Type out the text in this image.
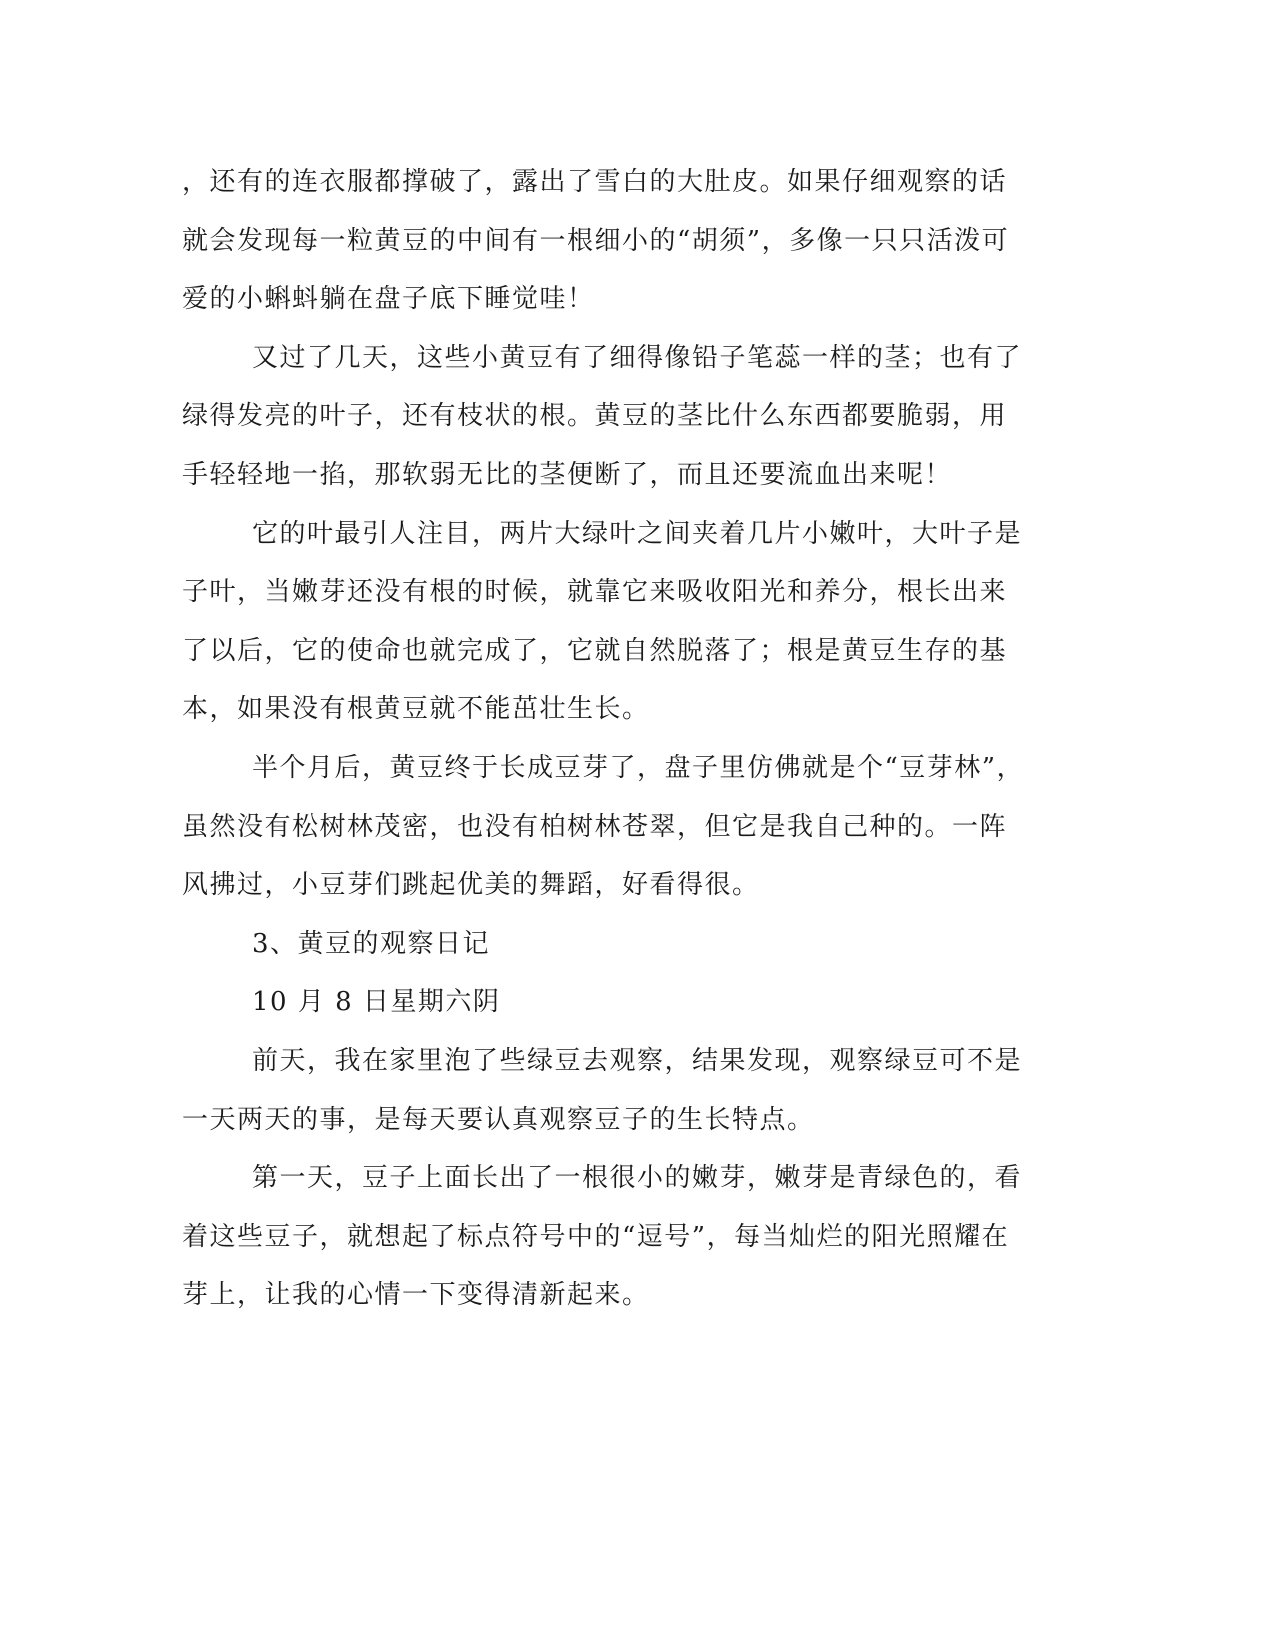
，还有的连衣服都撑破了，露出了雪白的大肚皮。如果仔细观察的话就会发现每一粒黄豆的中间有一根细小的“胡须”，多像一只只活泼可爱的小蝌蚪躺在盘子底下睡觉哇！

又过了几天，这些小黄豆有了细得像铅子笔蕊一样的茎；也有了绿得发亮的叶子，还有枝状的根。黄豆的茎比什么东西都要脆弱，用手轻轻地一掐，那软弱无比的茎便断了，而且还要流血出来呢！

它的叶最引人注目，两片大绿叶之间夹着几片小嫩叶，大叶子是子叶，当嫩芽还没有根的时候，就靠它来吸收阳光和养分，根长出来了以后，它的使命也就完成了，它就自然脱落了；根是黄豆生存的基本，如果没有根黄豆就不能茁壮生长。

半个月后，黄豆终于长成豆芽了，盘子里仿佛就是个“豆芽林”，虽然没有松树林茂密，也没有柏树林苍翠，但它是我自己种的。一阵风拂过，小豆芽们跳起优美的舞蹈，好看得很。

3、黄豆的观察日记

10 月 8 日星期六阴

前天，我在家里泡了些绿豆去观察，结果发现，观察绿豆可不是一天两天的事，是每天要认真观察豆子的生长特点。

第一天，豆子上面长出了一根很小的嫩芽，嫩芽是青绿色的，看着这些豆子，就想起了标点符号中的“逗号”，每当灿烂的阳光照耀在芽上，让我的心情一下变得清新起来。
